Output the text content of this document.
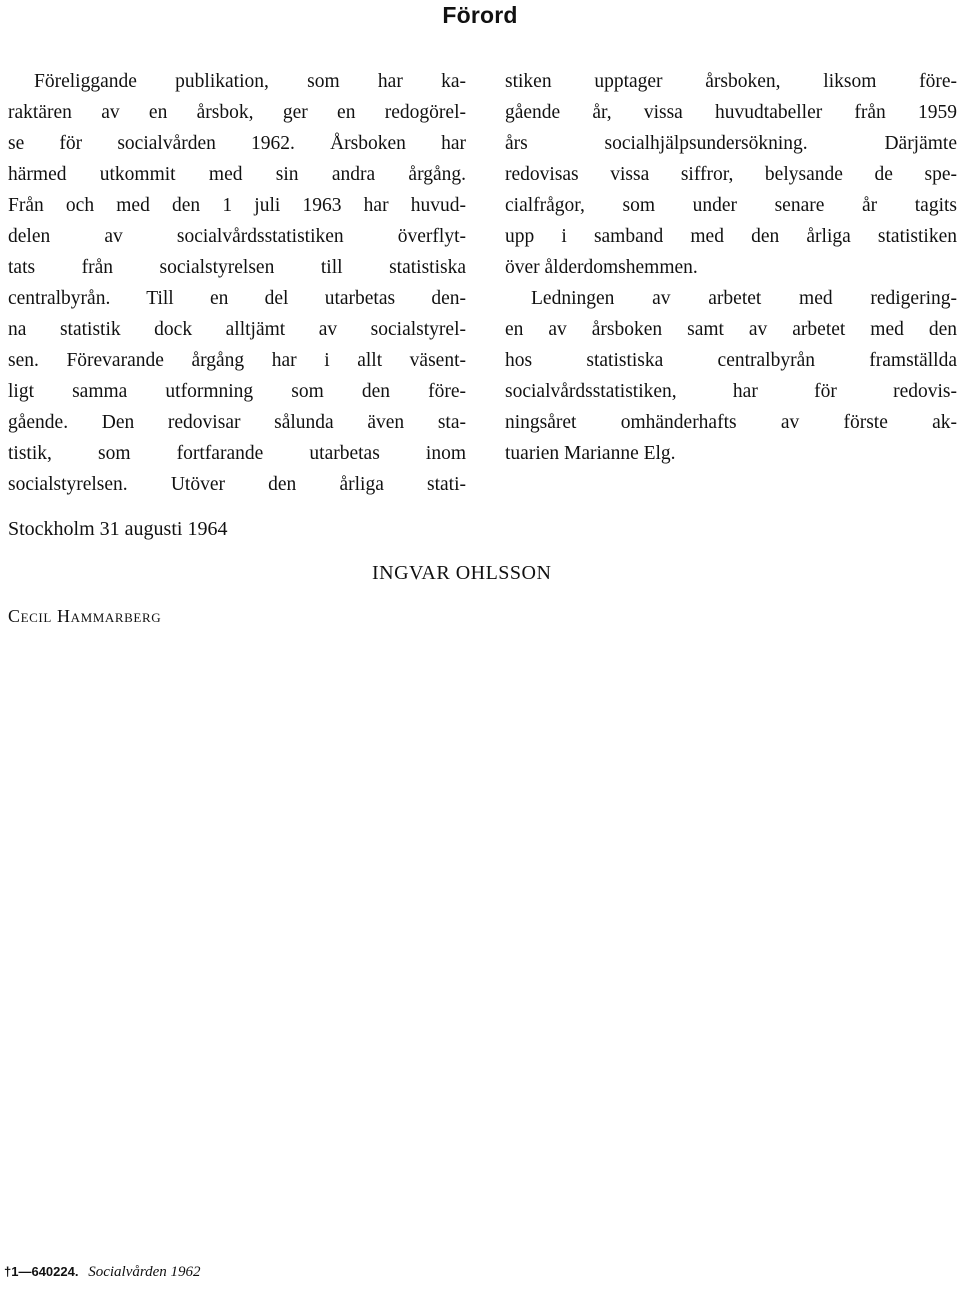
Förord
Föreliggande publikation, som har ka-
raktären av en årsbok, ger en redogörel-
se för socialvården 1962. Årsboken har
härmed utkommit med sin andra årgång.
Från och med den 1 juli 1963 har huvud-
delen av socialvårdsstatistiken överflyt-
tats från socialstyrelsen till statistiska
centralbyrån. Till en del utarbetas den-
na statistik dock alltjämt av socialstyrel-
sen. Förevarande årgång har i allt väsent-
ligt samma utformning som den före-
gående. Den redovisar sålunda även sta-
tistik, som fortfarande utarbetas inom
socialstyrelsen. Utöver den årliga stati-
stiken upptager årsboken, liksom före-
gående år, vissa huvudtabeller från 1959
års socialhjälpsundersökning. Därjämte
redovisas vissa siffror, belysande de spe-
cialfrågor, som under senare år tagits
upp i samband med den årliga statistiken
över ålderdomshemmen.
Ledningen av arbetet med redigering-
en av årsboken samt av arbetet med den
hos statistiska centralbyrån framställda
socialvårdsstatistiken, har för redovis-
ningsåret omhänderhafts av förste ak-
tuarien Marianne Elg.
Stockholm 31 augusti 1964
INGVAR OHLSSON
Cecil Hammarberg
†1—640224. Socialvården 1962
